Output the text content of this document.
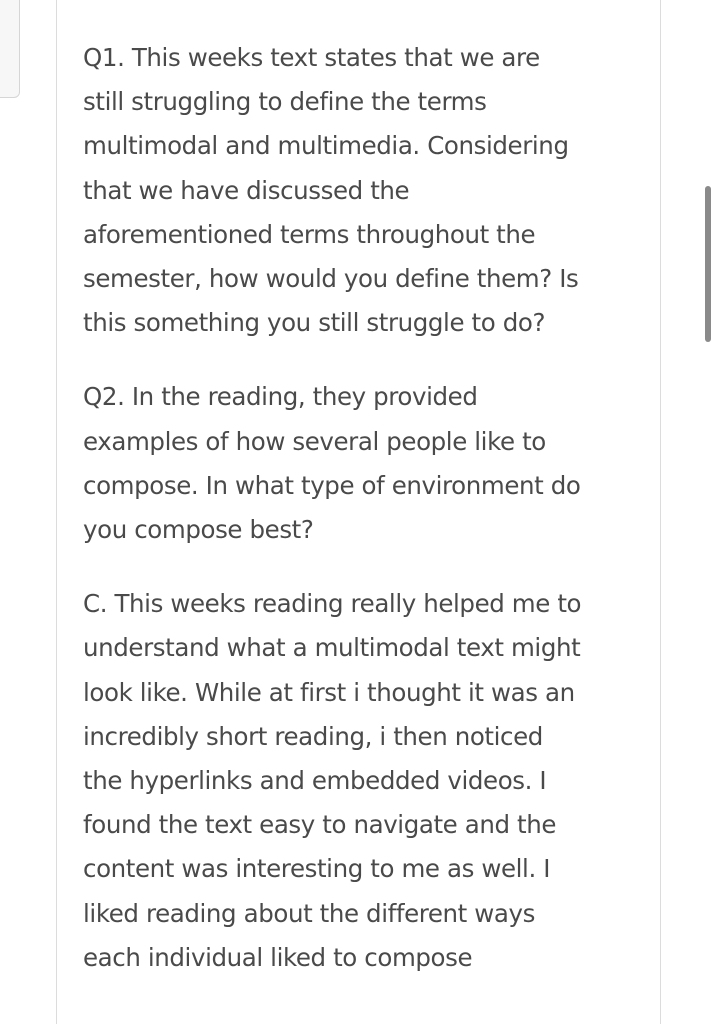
Q1. This weeks text states that we are
still struggling to define the terms
multimodal and multimedia. Considering
that we have discussed the
aforementioned terms throughout the
semester, how would you define them? Is
this something you still struggle to do?

Q2. In the reading, they provided
examples of how several people like to
compose. In what type of environment do
you compose best?

C. This weeks reading really helped me to
understand what a multimodal text might
look like. While at first i thought it was an
incredibly short reading, i then noticed
the hyperlinks and embedded videos. I
found the text easy to navigate and the
content was interesting to me as well. I
liked reading about the different ways
each individual liked to compose
